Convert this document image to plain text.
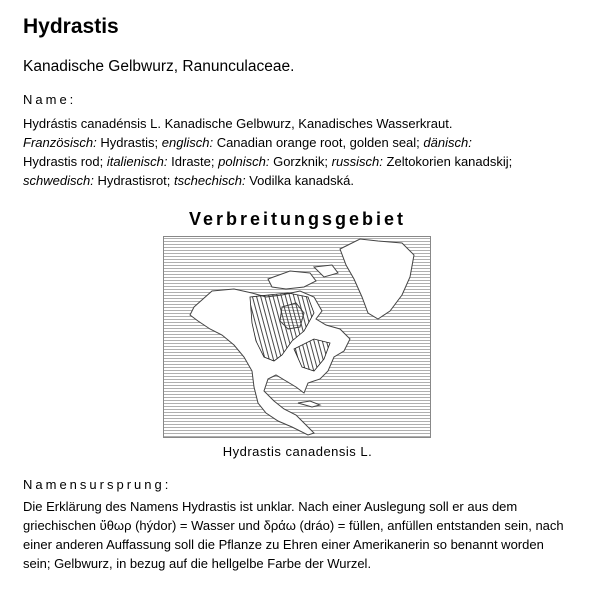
Hydrastis

Kanadische Gelbwurz, Ranunculaceae.

Name:

Hydrástis canadénsis L. Kanadische Gelbwurz, Kanadisches Wasserkraut.
Französisch: Hydrastis; englisch: Canadian orange root, golden seal; dänisch:
Hydrastis rod; italienisch: Idraste; polnisch: Gorzknik; russisch: Zeltokorien kanadskij;
schwedisch: Hydrastisrot; tschechisch: Vodilka kanadská.

Verbreitungsgebiet
Hydrastis canadensis L.

Namensursprung:

Die Erklärung des Namens Hydrastis ist unklar. Nach einer Auslegung soll er aus dem griechischen ὕθωρ (hýdor) = Wasser und δράω (dráo) = füllen, anfüllen entstanden sein, nach einer anderen Auffassung soll die Pflanze zu Ehren einer Amerikanerin so benannt worden sein; Gelbwurz, in bezug auf die hellgelbe Farbe der Wurzel.
